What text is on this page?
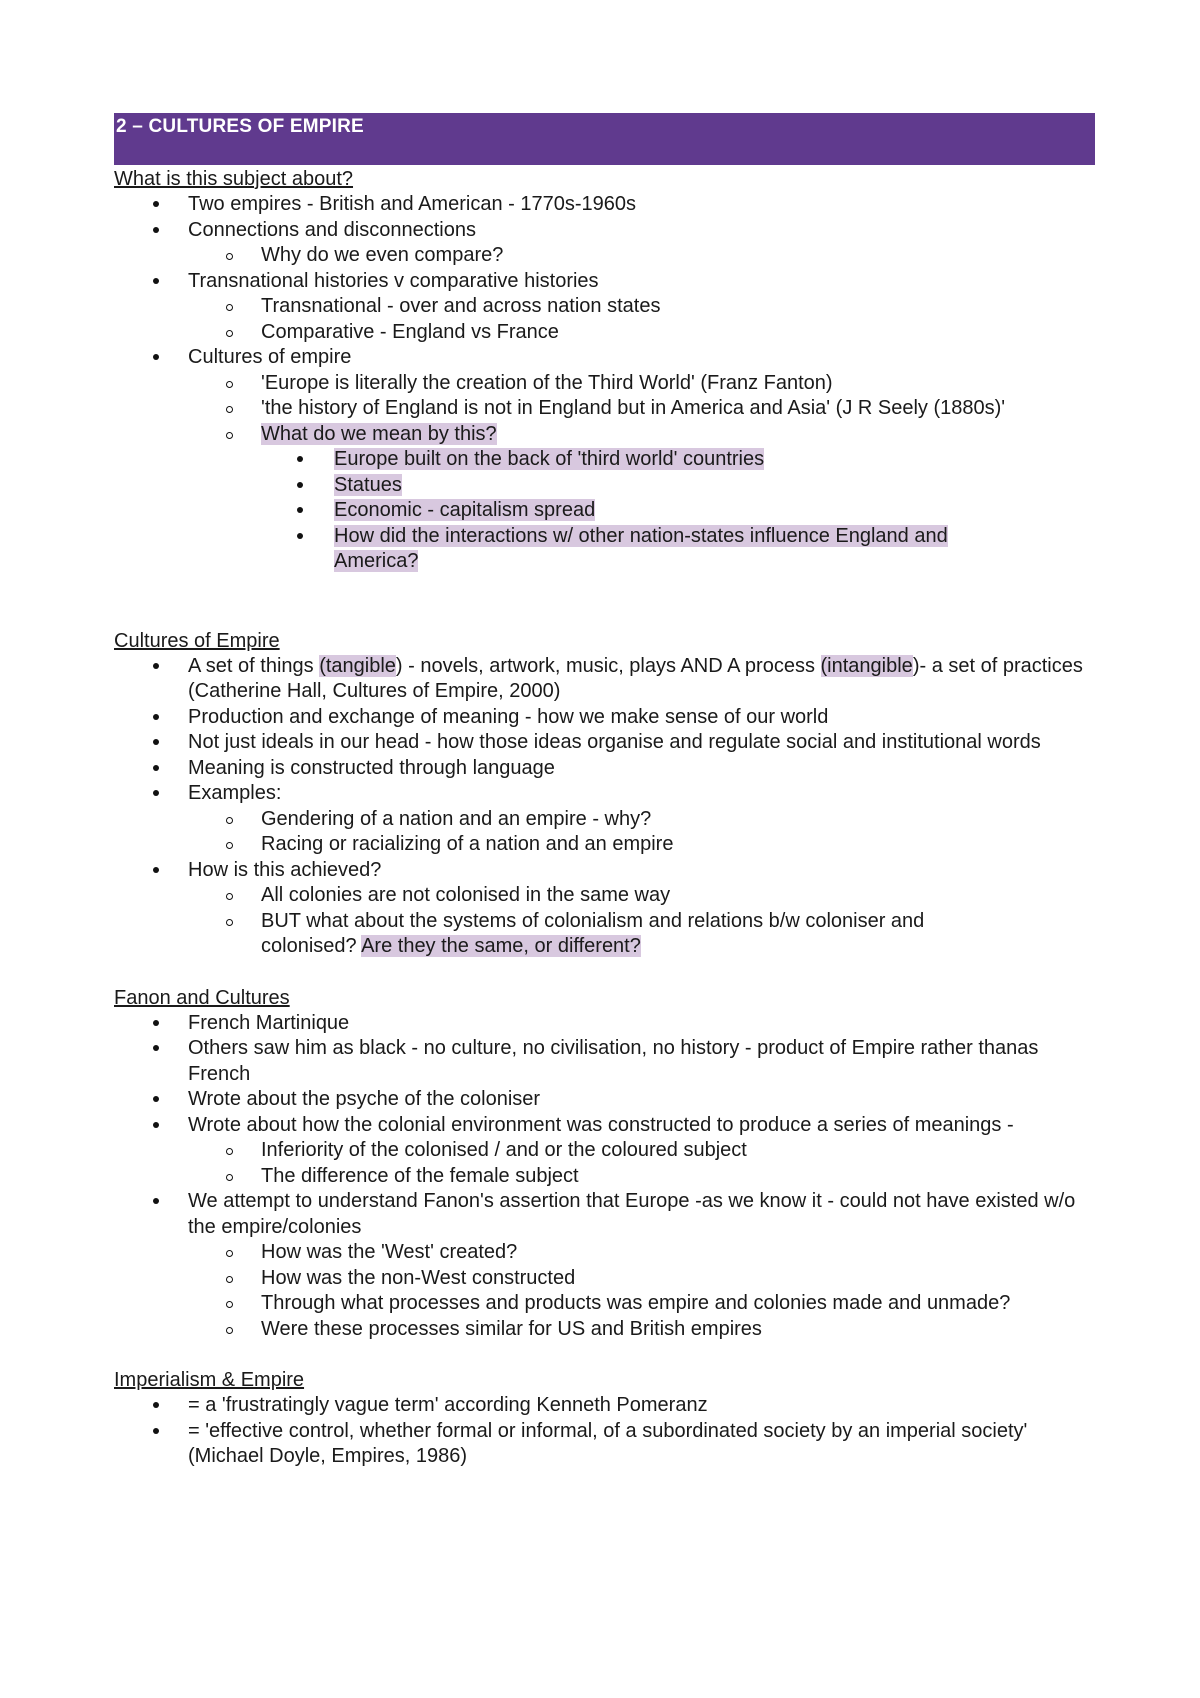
2 – CULTURES OF EMPIRE

What is this subject about?

Two empires - British and American - 1770s-1960s
Connections and disconnections
Why do we even compare?
Transnational histories v comparative histories
Transnational - over and across nation states
Comparative - England vs France
Cultures of empire
'Europe is literally the creation of the Third World' (Franz Fanton)
'the history of England is not in England but in America and Asia' (J R Seely (1880s)'
What do we mean by this?
Europe built on the back of 'third world' countries
Statues
Economic - capitalism spread
How did the interactions w/ other nation-states influence England and America?

Cultures of Empire

A set of things (tangible) - novels, artwork, music, plays AND A process (intangible)- a set of practices (Catherine Hall, Cultures of Empire, 2000)
Production and exchange of meaning - how we make sense of our world
Not just ideals in our head - how those ideas organise and regulate social and institutional words
Meaning is constructed through language
Examples:
Gendering of a nation and an empire - why?
Racing or racializing of a nation and an empire
How is this achieved?
All colonies are not colonised in the same way
BUT what about the systems of colonialism and relations b/w coloniser and colonised? Are they the same, or different?

Fanon and Cultures

French Martinique
Others saw him as black - no culture, no civilisation, no history - product of Empire rather thanas French
Wrote about the psyche of the coloniser
Wrote about how the colonial environment was constructed to produce a series of meanings -
Inferiority of the colonised / and or the coloured subject
The difference of the female subject
We attempt to understand Fanon's assertion that Europe -as we know it - could not have existed w/o the empire/colonies
How was the 'West' created?
How was the non-West constructed
Through what processes and products was empire and colonies made and unmade?
Were these processes similar for US and British empires

Imperialism & Empire

= a 'frustratingly vague term' according Kenneth Pomeranz
= 'effective control, whether formal or informal, of a subordinated society by an imperial society' (Michael Doyle, Empires, 1986)
